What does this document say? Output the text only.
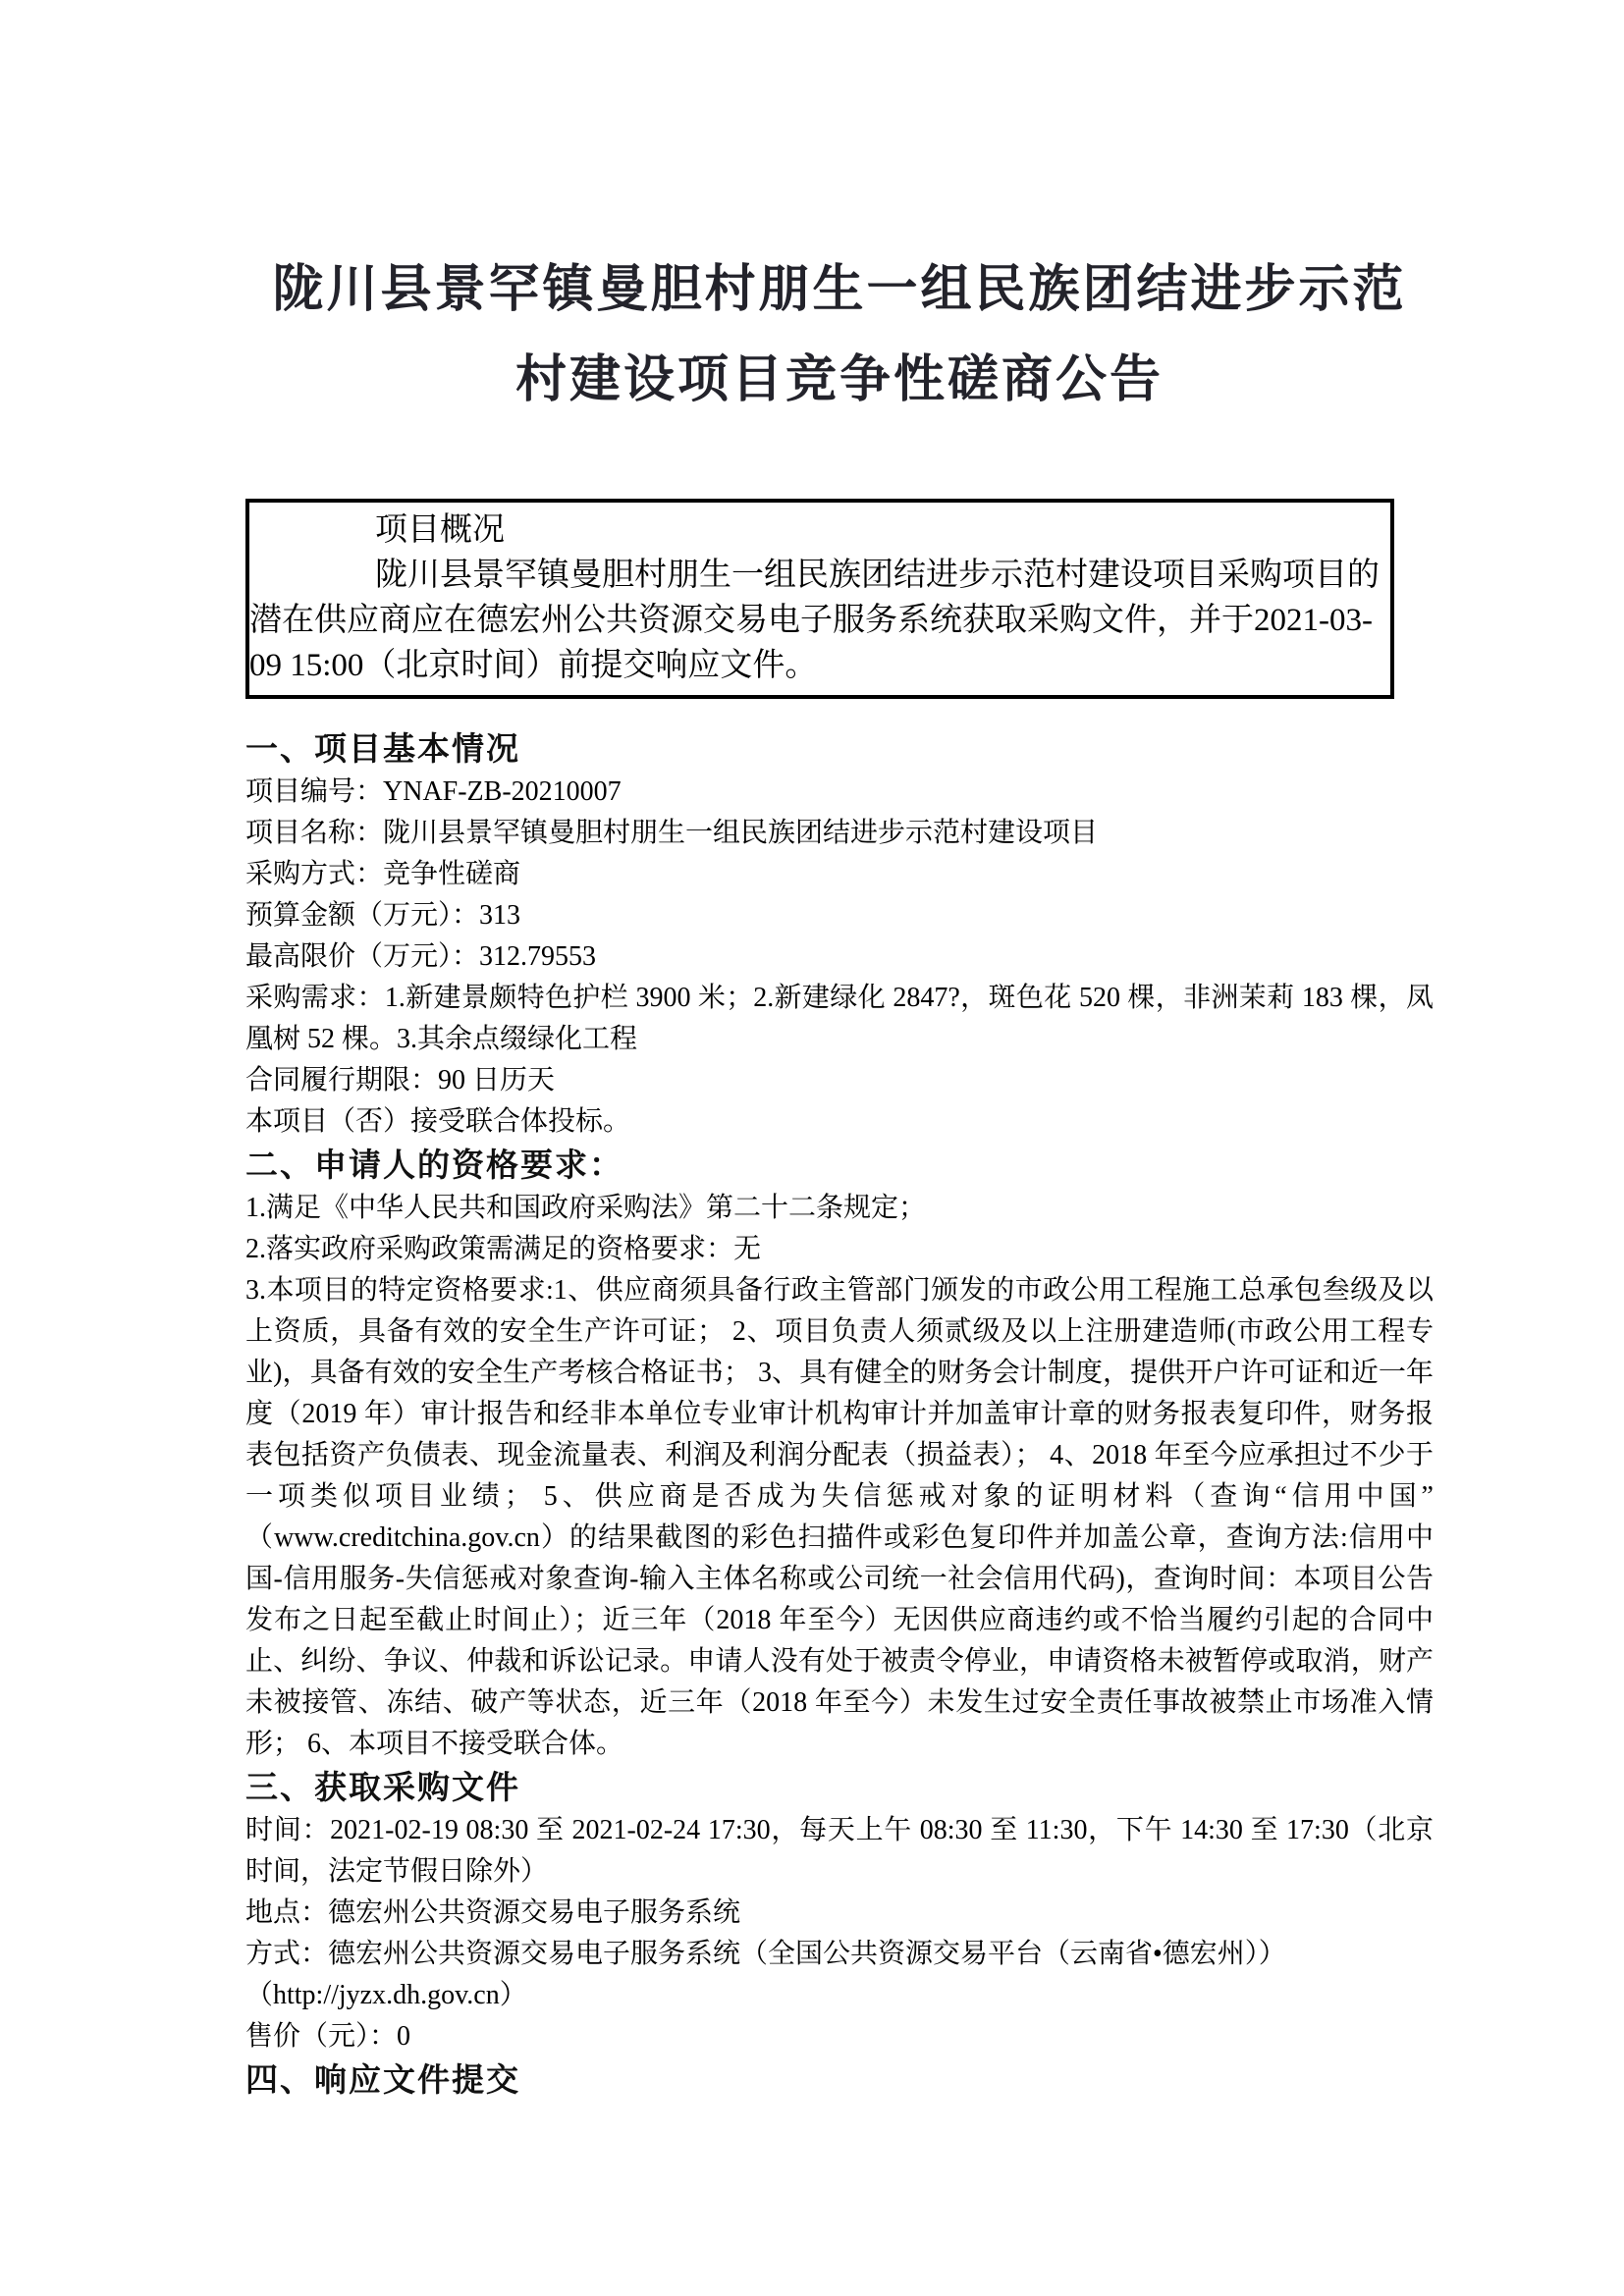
陇川县景罕镇曼胆村朋生一组民族团结进步示范
村建设项目竞争性磋商公告

项目概况

陇川县景罕镇曼胆村朋生一组民族团结进步示范村建设项目采购项目的潜在供应商应在德宏州公共资源交易电子服务系统获取采购文件，并于2021-03-09 15:00（北京时间）前提交响应文件。

一、项目基本情况

项目编号：YNAF-ZB-20210007

项目名称：陇川县景罕镇曼胆村朋生一组民族团结进步示范村建设项目

采购方式：竞争性磋商

预算金额（万元）：313

最高限价（万元）：312.79553

采购需求：1.新建景颇特色护栏 3900 米；2.新建绿化 2847?，斑色花 520 棵，非洲茉莉 183 棵，凤凰树 52 棵。3.其余点缀绿化工程

合同履行期限：90 日历天

本项目（否）接受联合体投标。

二、申请人的资格要求：

1.满足《中华人民共和国政府采购法》第二十二条规定；

2.落实政府采购政策需满足的资格要求：无

3.本项目的特定资格要求:1、供应商须具备行政主管部门颁发的市政公用工程施工总承包叁级及以上资质，具备有效的安全生产许可证； 2、项目负责人须贰级及以上注册建造师(市政公用工程专业)，具备有效的安全生产考核合格证书； 3、具有健全的财务会计制度，提供开户许可证和近一年度（2019 年）审计报告和经非本单位专业审计机构审计并加盖审计章的财务报表复印件，财务报表包括资产负债表、现金流量表、利润及利润分配表（损益表）； 4、2018 年至今应承担过不少于一项类似项目业绩； 5、供应商是否成为失信惩戒对象的证明材料（查询“信用中国”（www.creditchina.gov.cn）的结果截图的彩色扫描件或彩色复印件并加盖公章，查询方法:信用中国-信用服务-失信惩戒对象查询-输入主体名称或公司统一社会信用代码)，查询时间：本项目公告发布之日起至截止时间止）；近三年（2018 年至今）无因供应商违约或不恰当履约引起的合同中止、纠纷、争议、仲裁和诉讼记录。申请人没有处于被责令停业，申请资格未被暂停或取消，财产未被接管、冻结、破产等状态，近三年（2018 年至今）未发生过安全责任事故被禁止市场准入情形； 6、本项目不接受联合体。

三、获取采购文件

时间：2021-02-19 08:30 至 2021-02-24 17:30，每天上午 08:30 至 11:30，下午 14:30 至 17:30（北京时间，法定节假日除外）

地点：德宏州公共资源交易电子服务系统

方式：德宏州公共资源交易电子服务系统（全国公共资源交易平台（云南省•德宏州））

（http://jyzx.dh.gov.cn）

售价（元）：0

四、响应文件提交
